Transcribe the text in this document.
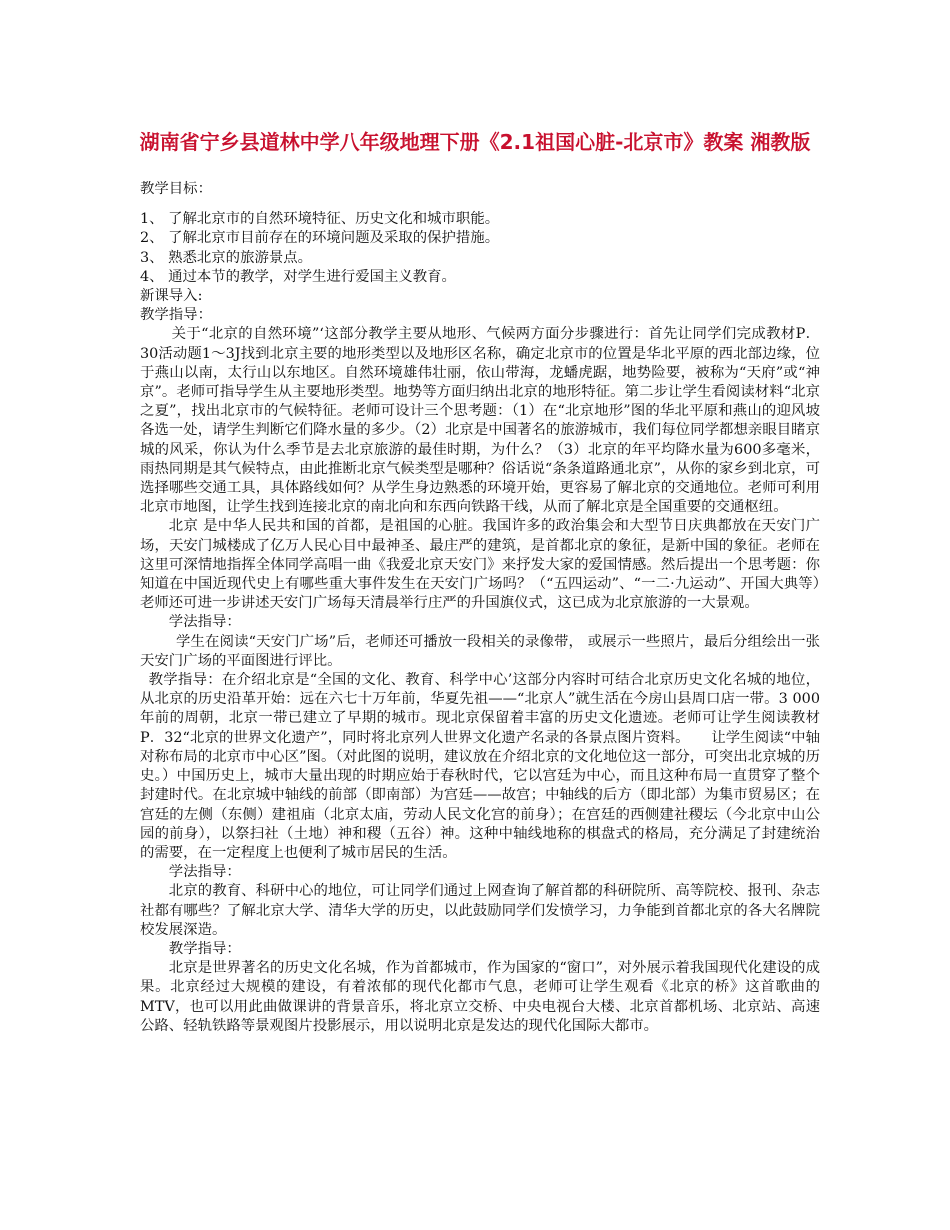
湖南省宁乡县道林中学八年级地理下册《2.1祖国心脏-北京市》教案 湘教版
教学目标：
1、 了解北京市的自然环境特征、历史文化和城市职能。
2、 了解北京市目前存在的环境问题及采取的保护措施。
3、 熟悉北京的旅游景点。
4、 通过本节的教学，对学生进行爱国主义教育。
新课导入:
教学指导：
关于“北京的自然环境”‘这部分教学主要从地形、气候两方面分步骤进行：首先让同学们完成教材P．30活动题1～3J找到北京主要的地形类型以及地形区名称，确定北京市的位置是华北平原的西北部边缘，位于燕山以南，太行山以东地区。自然环境雄伟壮丽，依山带海，龙蟠虎踞，地势险要，被称为“天府”或“神京”。老师可指导学生从主要地形类型。地势等方面归纳出北京的地形特征。第二步让学生看阅读材料“北京之夏”，找出北京市的气候特征。老师可设计三个思考题：（1）在“北京地形”图的华北平原和燕山的迎风坡各选一处，请学生判断它们降水量的多少。（2）北京是中国著名的旅游城市，我们每位同学都想亲眼目睹京城的风采，你认为什么季节是去北京旅游的最佳时期，为什么？（3）北京的年平均降水量为600多毫米，雨热同期是其气候特点，由此推断北京气候类型是哪种？俗话说“条条道路通北京”，从你的家乡到北京，可选择哪些交通工具，具体路线如何？从学生身边熟悉的环境开始，更容易了解北京的交通地位。老师可利用北京市地图，让学生找到连接北京的南北向和东西向铁路干线，从而了解北京是全国重要的交通枢纽。
北京 是中华人民共和国的首都，是祖国的心脏。我国许多的政治集会和大型节日庆典都放在天安门广场，天安门城楼成了亿万人民心目中最神圣、最庄严的建筑，是首都北京的象征，是新中国的象征。老师在这里可深情地指挥全体同学高唱一曲《我爱北京天安门》来抒发大家的爱国情感。然后提出一个思考题：你知道在中国近现代史上有哪些重大事件发生在天安门广场吗？（“五四运动”、“一二·九运动”、开国大典等）老师还可进一步讲述天安门广场每天清晨举行庄严的升国旗仪式，这已成为北京旅游的一大景观。
学法指导：
学生在阅读“天安门广场”后，老师还可播放一段相关的录像带， 或展示一些照片，最后分组绘出一张天安门广场的平面图进行评比。
教学指导：在介绍北京是“全国的文化、教育、科学中心’这部分内容时可结合北京历史文化名城的地位，从北京的历史沿革开始：远在六七十万年前，华夏先祖——“北京人”就生活在今房山县周口店一带。3 000年前的周朝，北京一带已建立了早期的城市。现北京保留着丰富的历史文化遗迹。老师可让学生阅读教材P．32“北京的世界文化遗产”，同时将北京列人世界文化遗产名录的各景点图片资料。　　让学生阅读“中轴对称布局的北京市中心区”图。（对此图的说明，建议放在介绍北京的文化地位这一部分，可突出北京城的历史。）中国历史上，城市大量出现的时期应始于春秋时代，它以宫廷为中心，而且这种布局一直贯穿了整个封建时代。在北京城中轴线的前部（即南部）为宫廷——故宫；中轴线的后方（即北部）为集市贸易区；在宫廷的左侧（东侧）建祖庙（北京太庙，劳动人民文化宫的前身）；在宫廷的西侧建社稷坛（今北京中山公园的前身），以祭扫社（土地）神和稷（五谷）神。这种中轴线地称的棋盘式的格局，充分满足了封建统治的需要，在一定程度上也便利了城市居民的生活。
学法指导：
北京的教育、科研中心的地位，可让同学们通过上网查询了解首都的科研院所、高等院校、报刊、杂志社都有哪些？了解北京大学、清华大学的历史，以此鼓励同学们发愤学习，力争能到首都北京的各大名牌院校发展深造。
教学指导：
北京是世界著名的历史文化名城，作为首都城市，作为国家的“窗口”，对外展示着我国现代化建设的成果。北京经过大规模的建设，有着浓郁的现代化都市气息，老师可让学生观看《北京的桥》这首歌曲的MTV，也可以用此曲做课讲的背景音乐，将北京立交桥、中央电视台大楼、北京首都机场、北京站、高速公路、轻轨铁路等景观图片投影展示，用以说明北京是发达的现代化国际大都市。
